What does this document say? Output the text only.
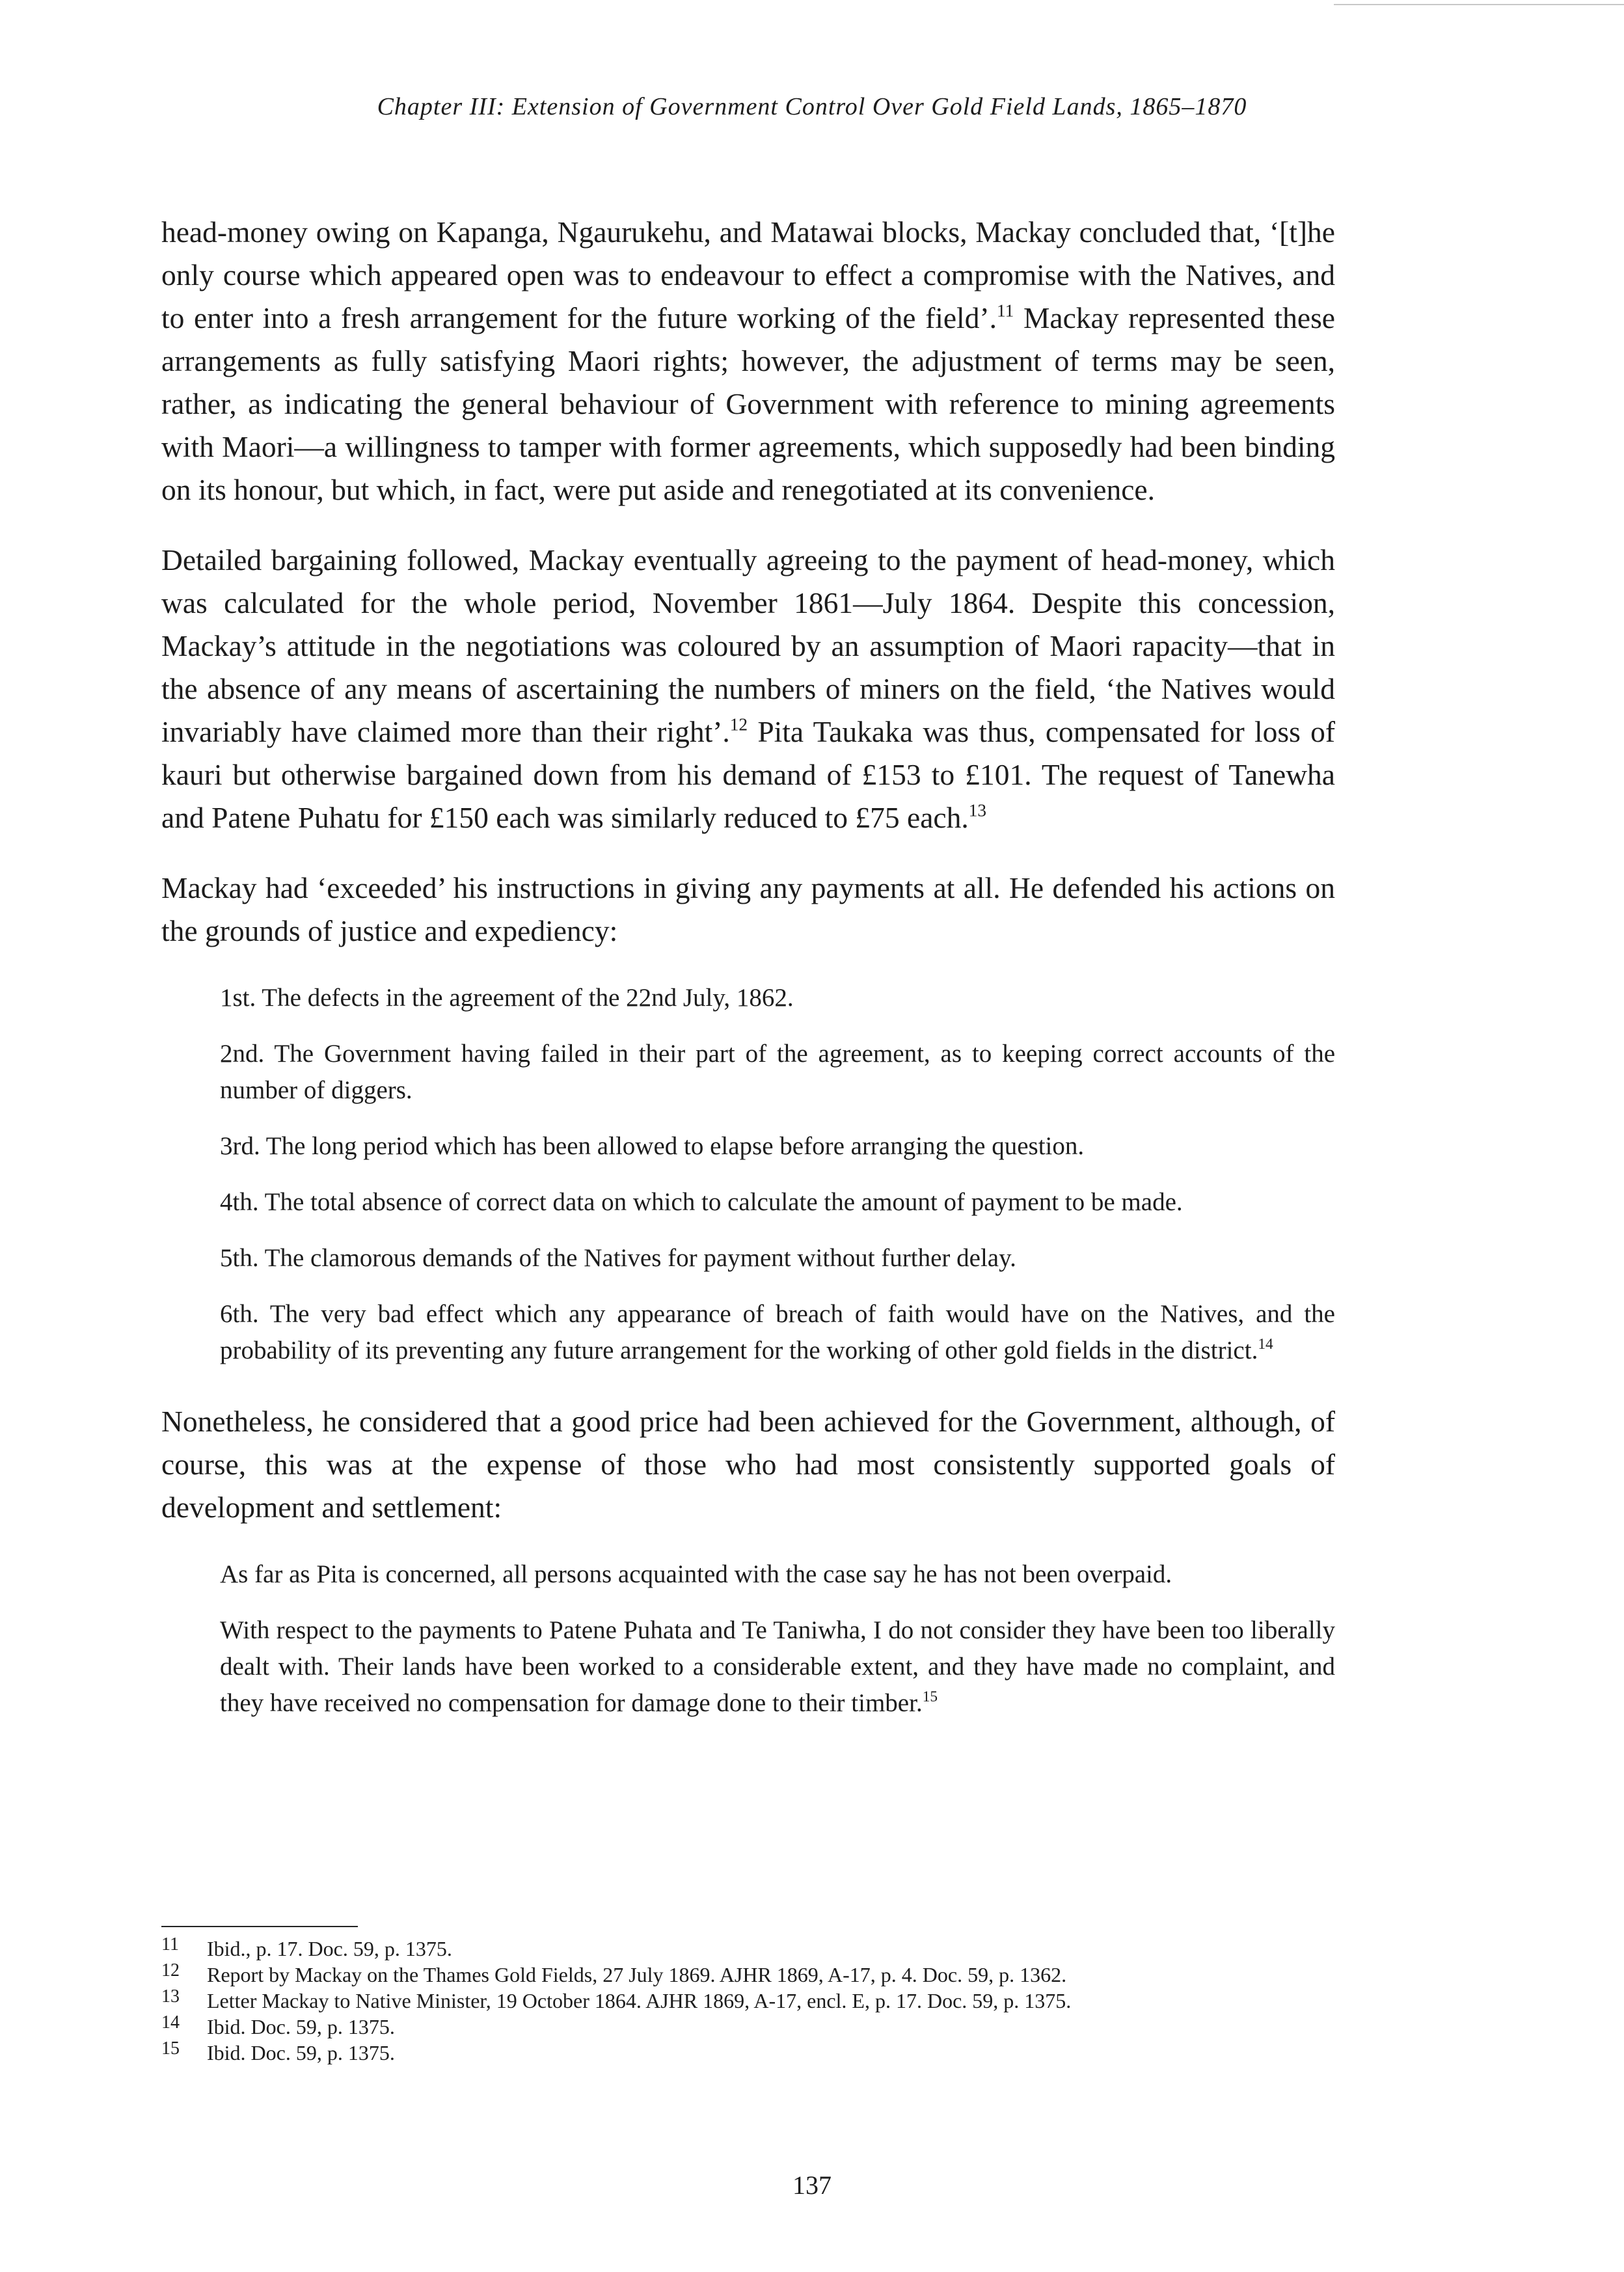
Chapter III: Extension of Government Control Over Gold Field Lands, 1865–1870

head-money owing on Kapanga, Ngaurukehu, and Matawai blocks, Mackay concluded that, ‘[t]he only course which appeared open was to endeavour to effect a compromise with the Natives, and to enter into a fresh arrangement for the future working of the field’.$^{11}$ Mackay represented these arrangements as fully satisfying Maori rights; however, the adjustment of terms may be seen, rather, as indicating the general behaviour of Government with reference to mining agreements with Maori—a willingness to tamper with former agreements, which supposedly had been binding on its honour, but which, in fact, were put aside and renegotiated at its convenience.

Detailed bargaining followed, Mackay eventually agreeing to the payment of head-money, which was calculated for the whole period, November 1861—July 1864. Despite this concession, Mackay’s attitude in the negotiations was coloured by an assumption of Maori rapacity—that in the absence of any means of ascertaining the numbers of miners on the field, ‘the Natives would invariably have claimed more than their right’.$^{12}$ Pita Taukaka was thus, compensated for loss of kauri but otherwise bargained down from his demand of £153 to £101. The request of Tanewha and Patene Puhatu for £150 each was similarly reduced to £75 each.$^{13}$

Mackay had ‘exceeded’ his instructions in giving any payments at all. He defended his actions on the grounds of justice and expediency:

1st. The defects in the agreement of the 22nd July, 1862.

2nd. The Government having failed in their part of the agreement, as to keeping correct accounts of the number of diggers.

3rd. The long period which has been allowed to elapse before arranging the question.

4th. The total absence of correct data on which to calculate the amount of payment to be made.

5th. The clamorous demands of the Natives for payment without further delay.

6th. The very bad effect which any appearance of breach of faith would have on the Natives, and the probability of its preventing any future arrangement for the working of other gold fields in the district.$^{14}$

Nonetheless, he considered that a good price had been achieved for the Government, although, of course, this was at the expense of those who had most consistently supported goals of development and settlement:

As far as Pita is concerned, all persons acquainted with the case say he has not been overpaid.

With respect to the payments to Patene Puhata and Te Taniwha, I do not consider they have been too liberally dealt with. Their lands have been worked to a considerable extent, and they have made no complaint, and they have received no compensation for damage done to their timber.$^{15}$

11	Ibid., p. 17. Doc. 59, p. 1375.
12	Report by Mackay on the Thames Gold Fields, 27 July 1869. AJHR 1869, A-17, p. 4. Doc. 59, p. 1362.
13	Letter Mackay to Native Minister, 19 October 1864. AJHR 1869, A-17, encl. E, p. 17. Doc. 59, p. 1375.
14	Ibid. Doc. 59, p. 1375.
15	Ibid. Doc. 59, p. 1375.
137
